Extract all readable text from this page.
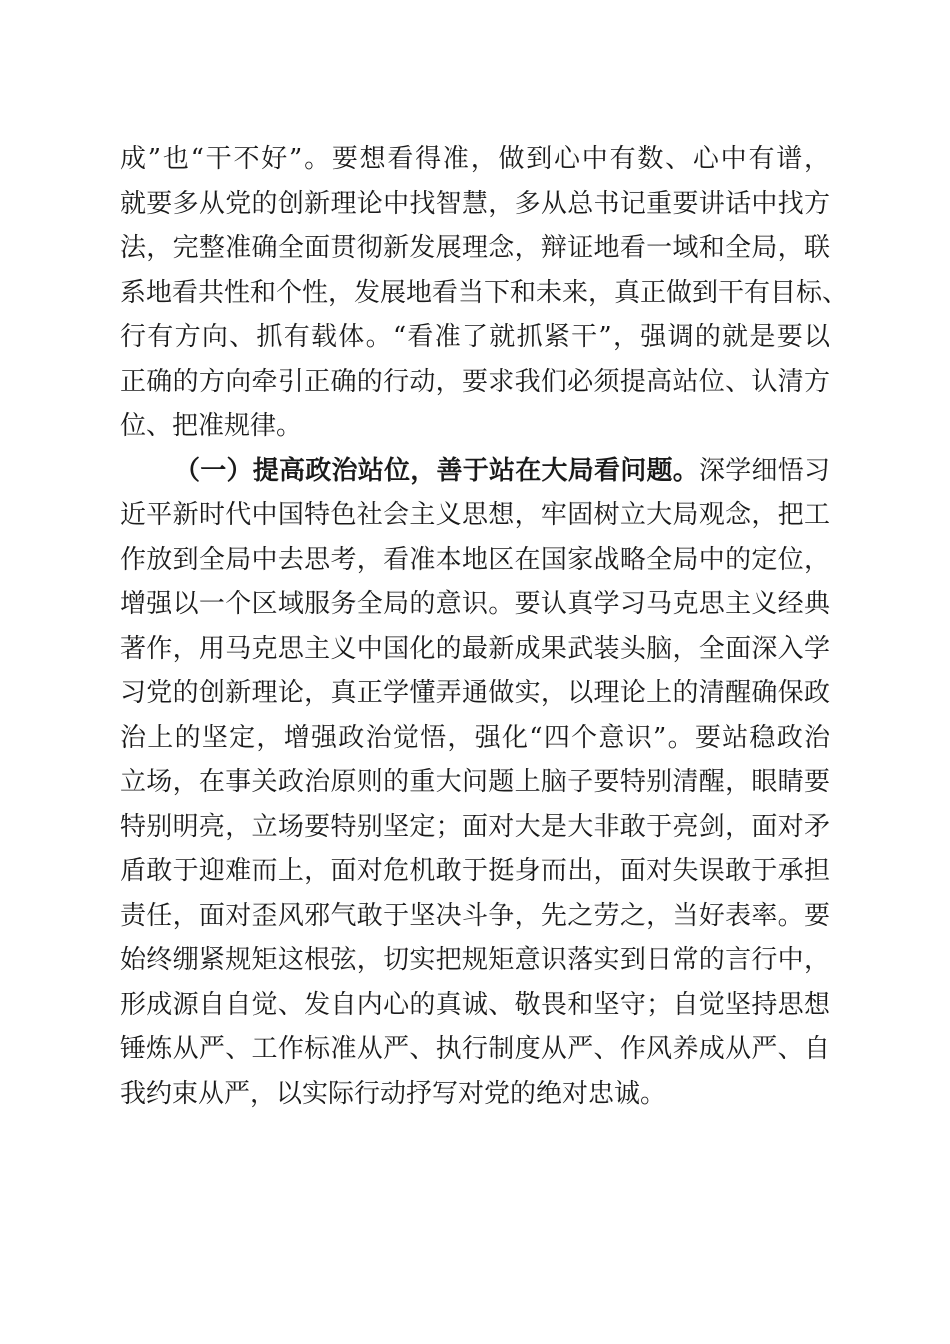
成”也“干不好”。要想看得准，做到心中有数、心中有谱，
就要多从党的创新理论中找智慧，多从总书记重要讲话中找方
法，完整准确全面贯彻新发展理念，辩证地看一域和全局，联
系地看共性和个性，发展地看当下和未来，真正做到干有目标、
行有方向、抓有载体。“看准了就抓紧干”，强调的就是要以
正确的方向牵引正确的行动，要求我们必须提高站位、认清方
位、把准规律。
（一）提高政治站位，善于站在大局看问题。深学细悟习
近平新时代中国特色社会主义思想，牢固树立大局观念，把工
作放到全局中去思考，看准本地区在国家战略全局中的定位，
增强以一个区域服务全局的意识。要认真学习马克思主义经典
著作，用马克思主义中国化的最新成果武装头脑，全面深入学
习党的创新理论，真正学懂弄通做实，以理论上的清醒确保政
治上的坚定，增强政治觉悟，强化“四个意识”。要站稳政治
立场，在事关政治原则的重大问题上脑子要特别清醒，眼睛要
特别明亮，立场要特别坚定；面对大是大非敢于亮剑，面对矛
盾敢于迎难而上，面对危机敢于挺身而出，面对失误敢于承担
责任，面对歪风邪气敢于坚决斗争，先之劳之，当好表率。要
始终绷紧规矩这根弦，切实把规矩意识落实到日常的言行中，
形成源自自觉、发自内心的真诚、敬畏和坚守；自觉坚持思想
锤炼从严、工作标准从严、执行制度从严、作风养成从严、自
我约束从严，以实际行动抒写对党的绝对忠诚。
